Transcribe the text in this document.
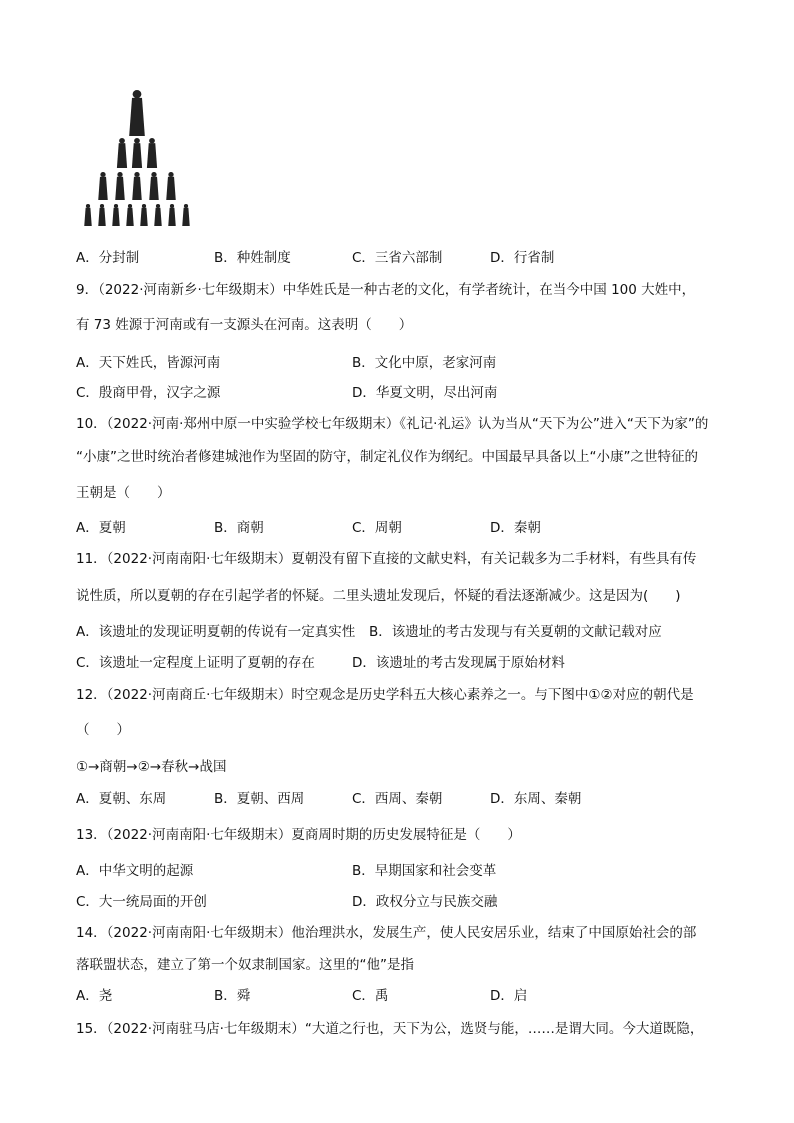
A．分封制	B．种姓制度	C．三省六部制	D．行省制
9．（2022·河南新乡·七年级期末）中华姓氏是一种古老的文化，有学者统计，在当今中国 100 大姓中，
有 73 姓源于河南或有一支源头在河南。这表明（　　）
A．天下姓氏，皆源河南	B．文化中原，老家河南
C．殷商甲骨，汉字之源	D．华夏文明，尽出河南
10．（2022·河南·郑州中原一中实验学校七年级期末）《礼记·礼运》认为当从“天下为公”进入“天下为家”的
“小康”之世时统治者修建城池作为坚固的防守，制定礼仪作为纲纪。中国最早具备以上“小康”之世特征的
王朝是（　　）
A．夏朝	B．商朝	C．周朝	D．秦朝
11．（2022·河南南阳·七年级期末）夏朝没有留下直接的文献史料，有关记载多为二手材料，有些具有传
说性质，所以夏朝的存在引起学者的怀疑。二里头遗址发现后，怀疑的看法逐渐减少。这是因为(　　)
A．该遗址的发现证明夏朝的传说有一定真实性 B．该遗址的考古发现与有关夏朝的文献记载对应
C．该遗址一定程度上证明了夏朝的存在	D．该遗址的考古发现属于原始材料
12．（2022·河南商丘·七年级期末）时空观念是历史学科五大核心素养之一。与下图中①②对应的朝代是
（　　）
①→商朝→②→春秋→战国
A．夏朝、东周	B．夏朝、西周	C．西周、秦朝	D．东周、秦朝
13．（2022·河南南阳·七年级期末）夏商周时期的历史发展特征是（　　）
A．中华文明的起源	B．早期国家和社会变革
C．大一统局面的开创	D．政权分立与民族交融
14．（2022·河南南阳·七年级期末）他治理洪水，发展生产，使人民安居乐业，结束了中国原始社会的部
落联盟状态，建立了第一个奴隶制国家。这里的“他”是指
A．尧	B．舜	C．禹	D．启
15．（2022·河南驻马店·七年级期末）“大道之行也，天下为公，选贤与能，……是谓大同。今大道既隐，
